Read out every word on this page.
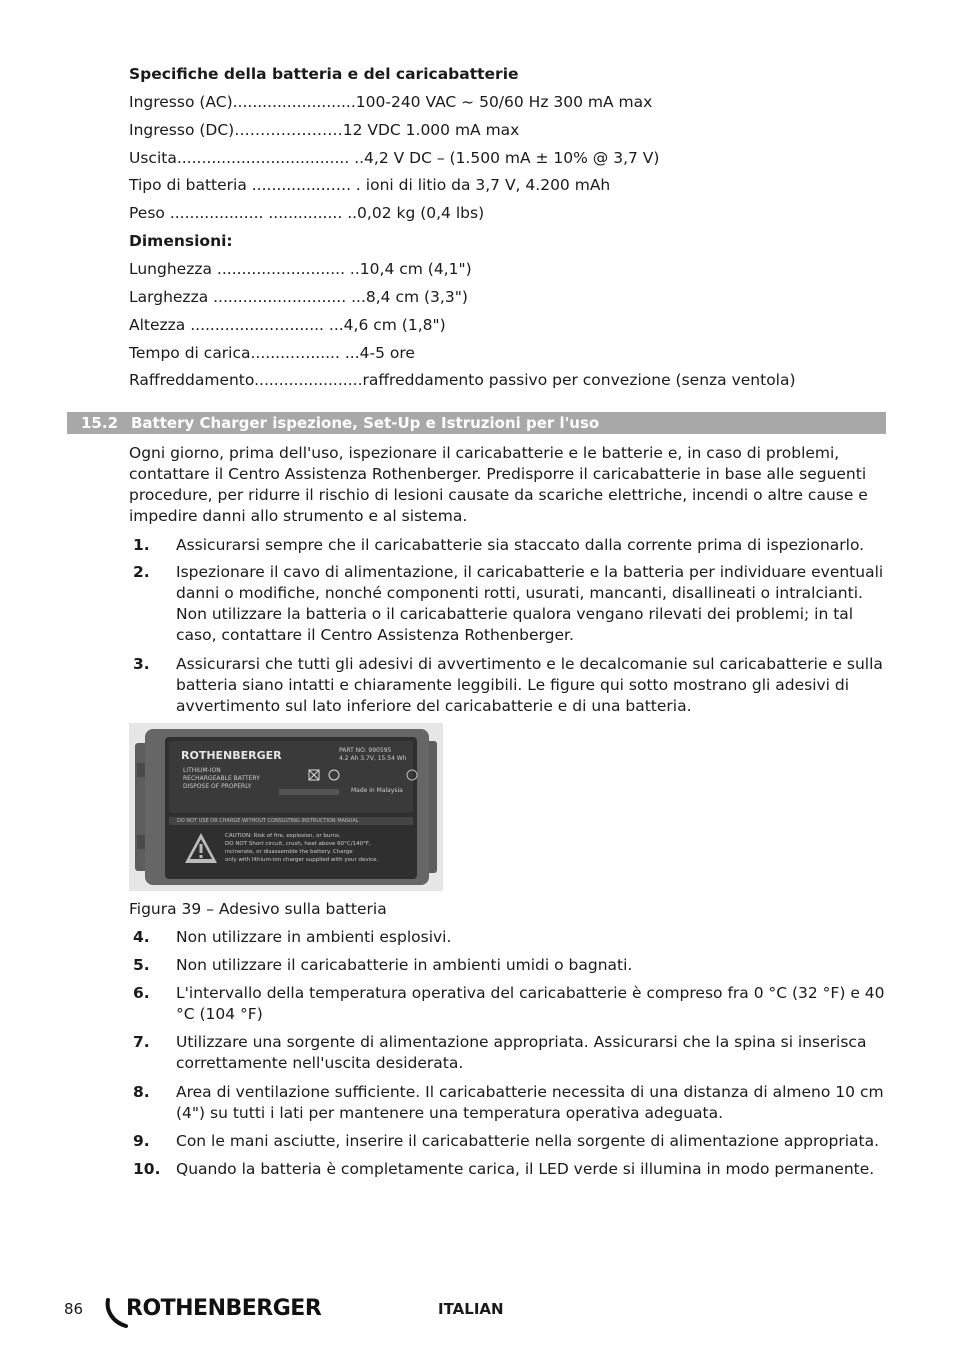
Specifiche della batteria e del caricabatterie
Ingresso (AC).........................100-240 VAC ~ 50/60 Hz 300 mA max
Ingresso (DC)…………………12 VDC 1.000 mA max
Uscita................................... ..4,2 V DC – (1.500 mA ± 10% @ 3,7 V)
Tipo di batteria ................…. . ioni di litio da 3,7 V, 4.200 mAh
Peso ................... ............... ..0,02 kg (0,4 lbs)
Dimensioni:
Lunghezza .......................... ..10,4 cm (4,1")
Larghezza ........................... ...8,4 cm (3,3")
Altezza ................…........ ...4,6 cm (1,8")
Tempo di carica........…....... ...4-5 ore
Raffreddamento......................raffreddamento passivo per convezione (senza ventola)
15.2 Battery Charger ispezione, Set-Up e Istruzioni per l'uso
Ogni giorno, prima dell'uso, ispezionare il caricabatterie e le batterie e, in caso di problemi, contattare il Centro Assistenza Rothenberger. Predisporre il caricabatterie in base alle seguenti procedure, per ridurre il rischio di lesioni causate da scariche elettriche, incendi o altre cause e impedire danni allo strumento e al sistema.
1.	Assicurarsi sempre che il caricabatterie sia staccato dalla corrente prima di ispezionarlo.
2.	Ispezionare il cavo di alimentazione, il caricabatterie e la batteria per individuare eventuali danni o modifiche, nonché componenti rotti, usurati, mancanti, disallineati o intralcianti. Non utilizzare la batteria o il caricabatterie qualora vengano rilevati dei problemi; in tal caso, contattare il Centro Assistenza Rothenberger.
3.	Assicurarsi che tutti gli adesivi di avvertimento e le decalcomanie sul caricabatterie e sulla batteria siano intatti e chiaramente leggibili. Le figure qui sotto mostrano gli adesivi di avvertimento sul lato inferiore del caricabatterie e di una batteria.
ROTHENBERGER
LITHIUM-ION
RECHARGEABLE BATTERY
DISPOSE OF PROPERLY
PART NO. 990595
4.2 Ah 3.7V, 15.54 Wh
Made in Malaysia
DO NOT USE OR CHARGE WITHOUT CONSULTING INSTRUCTION MANUAL
CAUTION: Risk of fire, explosion, or burns.
DO NOT Short circuit, crush, heat above 60°C/140°F,
incinerate, or disassemble the battery. Charge
only with lithium-ion charger supplied with your device.
Figura 39 – Adesivo sulla batteria
4.	Non utilizzare in ambienti esplosivi.
5.	Non utilizzare il caricabatterie in ambienti umidi o bagnati.
6.	L'intervallo della temperatura operativa del caricabatterie è compreso fra 0 °C (32 °F) e 40 °C (104 °F)
7.	Utilizzare una sorgente di alimentazione appropriata. Assicurarsi che la spina si inserisca correttamente nell'uscita desiderata.
8.	Area di ventilazione sufficiente. Il caricabatterie necessita di una distanza di almeno 10 cm (4") su tutti i lati per mantenere una temperatura operativa adeguata.
9.	Con le mani asciutte, inserire il caricabatterie nella sorgente di alimentazione appropriata.
10.	Quando la batteria è completamente carica, il LED verde si illumina in modo permanente.
86 ROTHENBERGER	ITALIAN
